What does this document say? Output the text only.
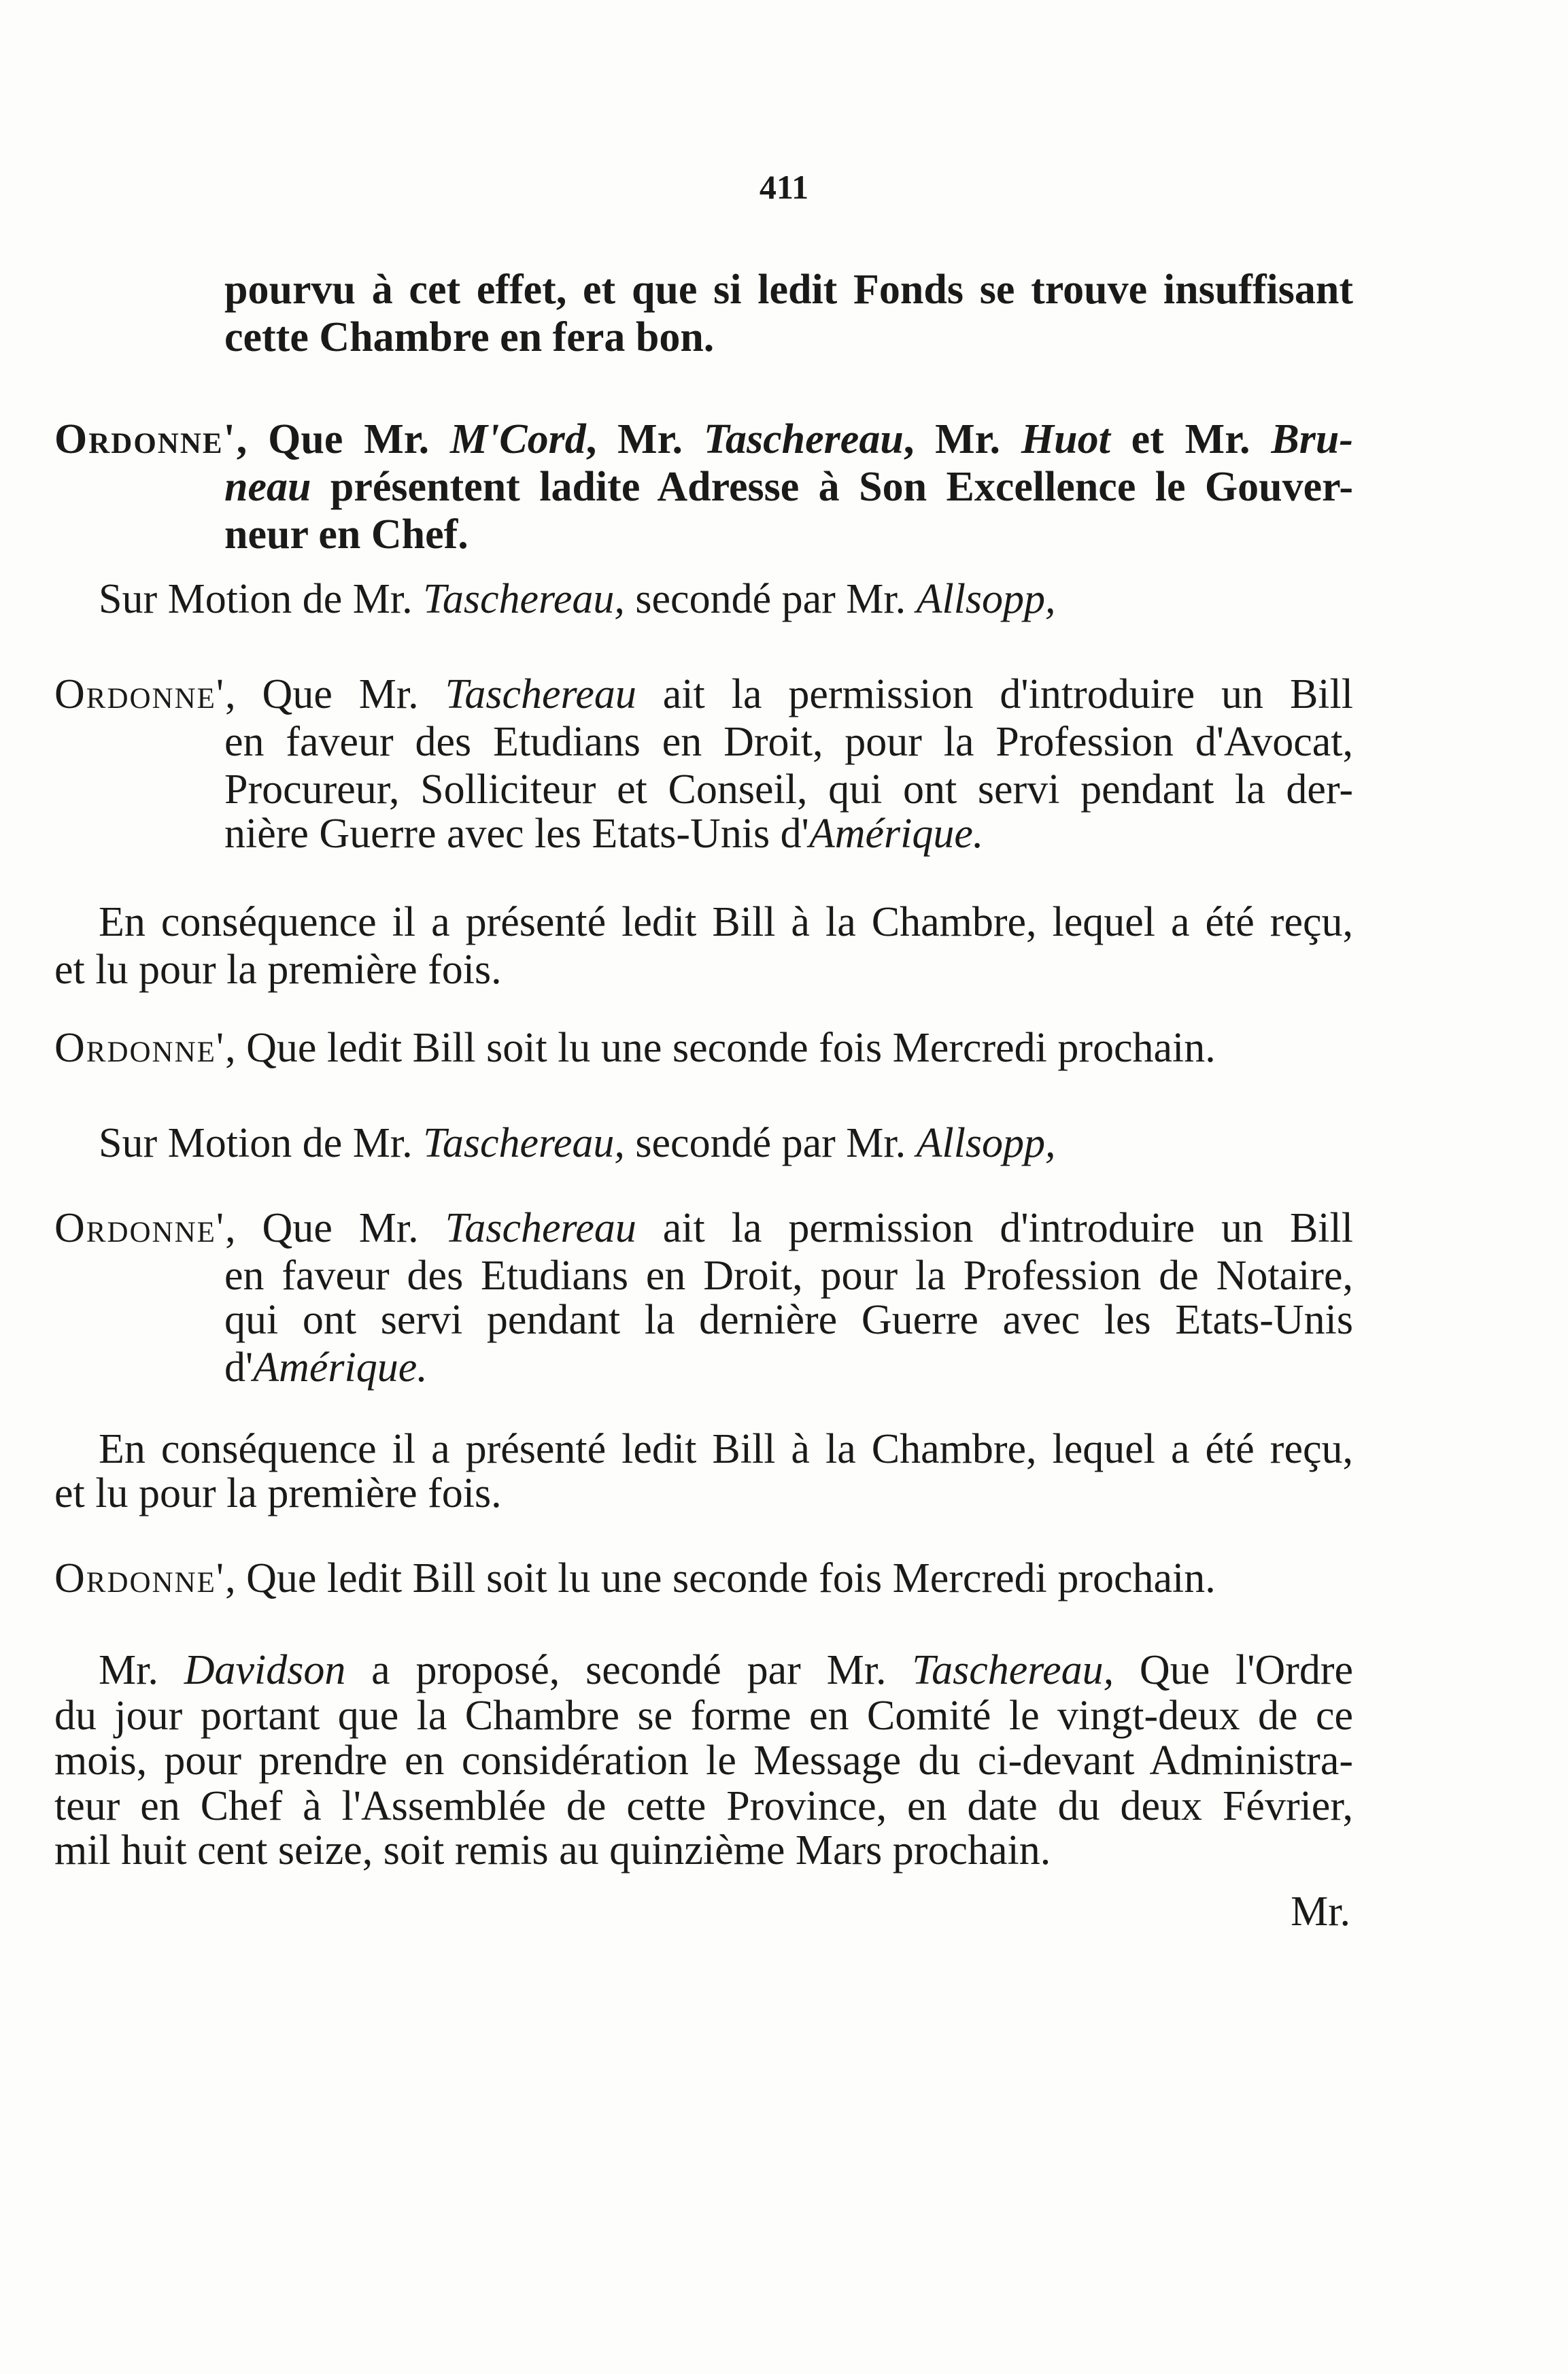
411
pourvu à cet effet, et que si ledit Fonds se trouve insuffisant
cette Chambre en fera bon.
Ordonne', Que Mr. M'Cord, Mr. Taschereau, Mr. Huot et Mr. Bru-
neau présentent ladite Adresse à Son Excellence le Gouver-
neur en Chef.
Sur Motion de Mr. Taschereau, secondé par Mr. Allsopp,
Ordonne', Que Mr. Taschereau ait la permission d'introduire un Bill
en faveur des Etudians en Droit, pour la Profession d'Avocat,
Procureur, Solliciteur et Conseil, qui ont servi pendant la der-
nière Guerre avec les Etats-Unis d'Amérique.
En conséquence il a présenté ledit Bill à la Chambre, lequel a été reçu,
et lu pour la première fois.
Ordonne', Que ledit Bill soit lu une seconde fois Mercredi prochain.
Sur Motion de Mr. Taschereau, secondé par Mr. Allsopp,
Ordonne', Que Mr. Taschereau ait la permission d'introduire un Bill
en faveur des Etudians en Droit, pour la Profession de Notaire,
qui ont servi pendant la dernière Guerre avec les Etats-Unis
d'Amérique.
En conséquence il a présenté ledit Bill à la Chambre, lequel a été reçu,
et lu pour la première fois.
Ordonne', Que ledit Bill soit lu une seconde fois Mercredi prochain.
Mr. Davidson a proposé, secondé par Mr. Taschereau, Que l'Ordre
du jour portant que la Chambre se forme en Comité le vingt-deux de ce
mois, pour prendre en considération le Message du ci-devant Administra-
teur en Chef à l'Assemblée de cette Province, en date du deux Février,
mil huit cent seize, soit remis au quinzième Mars prochain.
Mr.
